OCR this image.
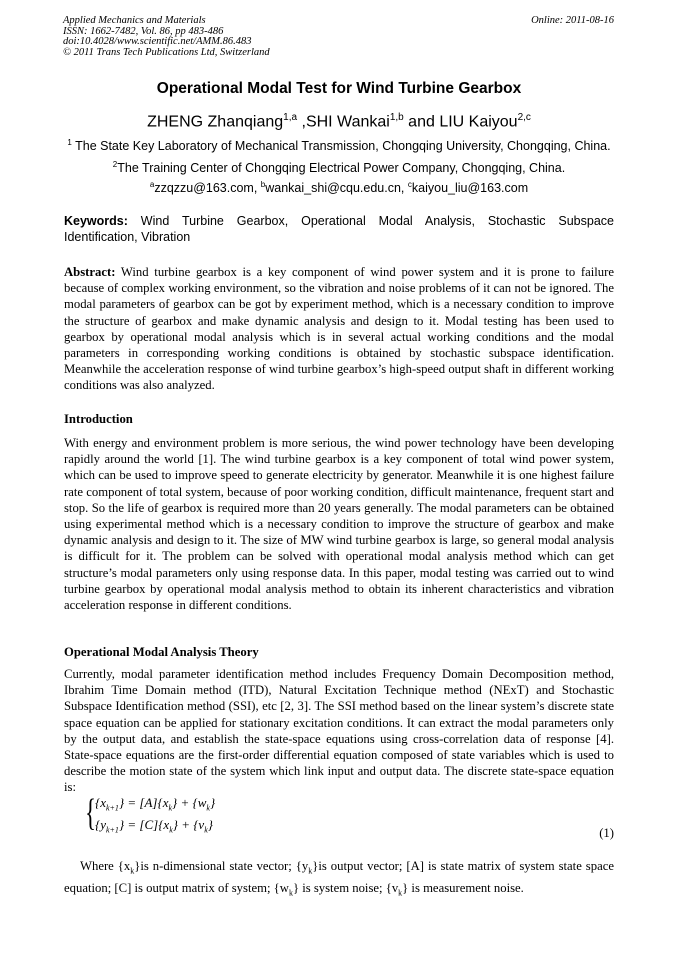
Applied Mechanics and Materials
ISSN: 1662-7482, Vol. 86, pp 483-486
doi:10.4028/www.scientific.net/AMM.86.483
© 2011 Trans Tech Publications Ltd, Switzerland
Online: 2011-08-16
Operational Modal Test for Wind Turbine Gearbox
ZHENG Zhanqiang$^{1,a}$ ,SHI Wankai$^{1,b}$ and LIU Kaiyou$^{2,c}$
$^1$ The State Key Laboratory of Mechanical Transmission, Chongqing University, Chongqing, China.
$^2$The Training Center of Chongqing Electrical Power Company, Chongqing, China.
$^a$zzqzzu@163.com, $^b$wankai_shi@cqu.edu.cn, $^c$kaiyou_liu@163.com
Keywords: Wind Turbine Gearbox, Operational Modal Analysis, Stochastic Subspace Identification, Vibration
Abstract: Wind turbine gearbox is a key component of wind power system and it is prone to failure because of complex working environment, so the vibration and noise problems of it can not be ignored. The modal parameters of gearbox can be got by experiment method, which is a necessary condition to improve the structure of gearbox and make dynamic analysis and design to it. Modal testing has been used to gearbox by operational modal analysis which is in several actual working conditions and the modal parameters in corresponding working conditions is obtained by stochastic subspace identification. Meanwhile the acceleration response of wind turbine gearbox’s high-speed output shaft in different working conditions was also analyzed.
Introduction
With energy and environment problem is more serious, the wind power technology have been developing rapidly around the world [1]. The wind turbine gearbox is a key component of total wind power system, which can be used to improve speed to generate electricity by generator. Meanwhile it is one highest failure rate component of total system, because of poor working condition, difficult maintenance, frequent start and stop. So the life of gearbox is required more than 20 years generally. The modal parameters can be obtained using experimental method which is a necessary condition to improve the structure of gearbox and make dynamic analysis and design to it. The size of MW wind turbine gearbox is large, so general modal analysis is difficult for it. The problem can be solved with operational modal analysis method which can get structure’s modal parameters only using response data. In this paper, modal testing was carried out to wind turbine gearbox by operational modal analysis method to obtain its inherent characteristics and vibration acceleration response in different conditions.
Operational Modal Analysis Theory
Currently, modal parameter identification method includes Frequency Domain Decomposition method, Ibrahim Time Domain method (ITD), Natural Excitation Technique method (NExT) and Stochastic Subspace Identification method (SSI), etc [2, 3]. The SSI method based on the linear system’s discrete state space equation can be applied for stationary excitation conditions. It can extract the modal parameters only by the output data, and establish the state-space equations using cross-correlation data of response [4]. State-space equations are the first-order differential equation composed of state variables which is used to describe the motion state of the system which link input and output data. The discrete state-space equation is:
{ $\{x_{k+1}\} = [A]\{x_k\} + \{w_k\}$
$\{y_{k+1}\} = [C]\{x_k\} + \{v_k\}$
(1)
Where $\{x_k\}is$ n-dimensional state vector; $\{y_k\}is$ output vector; [A] is state matrix of system state space equation; [C] is output matrix of system; $\{w_k\}$ is system noise; $\{v_k\}$ is measurement noise.
